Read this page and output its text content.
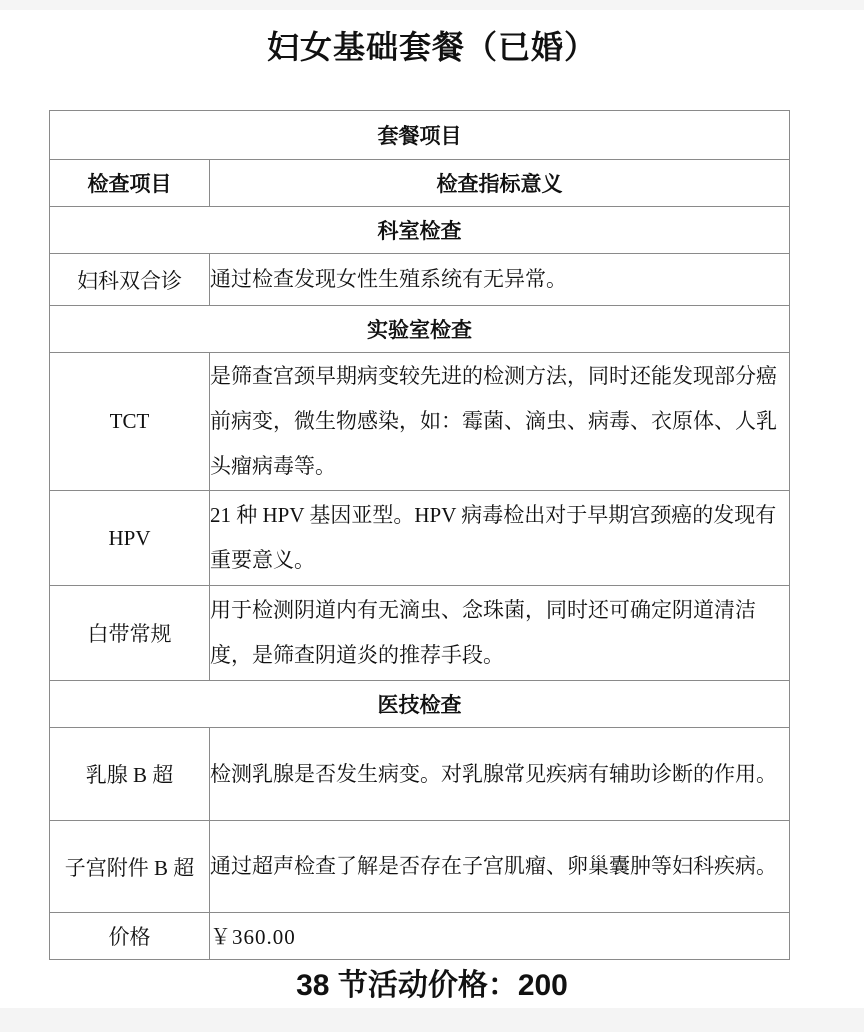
妇女基础套餐（已婚）
套餐项目	
检查项目	检查指标意义
科室检查	
妇科双合诊	通过检查发现女性生殖系统有无异常。
实验室检查	
TCT	是筛查宫颈早期病变较先进的检测方法，同时还能发现部分癌前病变，微生物感染，如：霉菌、滴虫、病毒、衣原体、人乳头瘤病毒等。
HPV	21 种 HPV 基因亚型。HPV 病毒检出对于早期宫颈癌的发现有重要意义。
白带常规	用于检测阴道内有无滴虫、念珠菌，同时还可确定阴道清洁度，是筛查阴道炎的推荐手段。
医技检查	
乳腺 B 超	检测乳腺是否发生病变。对乳腺常见疾病有辅助诊断的作用。
子宫附件 B 超	通过超声检查了解是否存在子宫肌瘤、卵巢囊肿等妇科疾病。
价格	￥360.00

38 节活动价格：200
